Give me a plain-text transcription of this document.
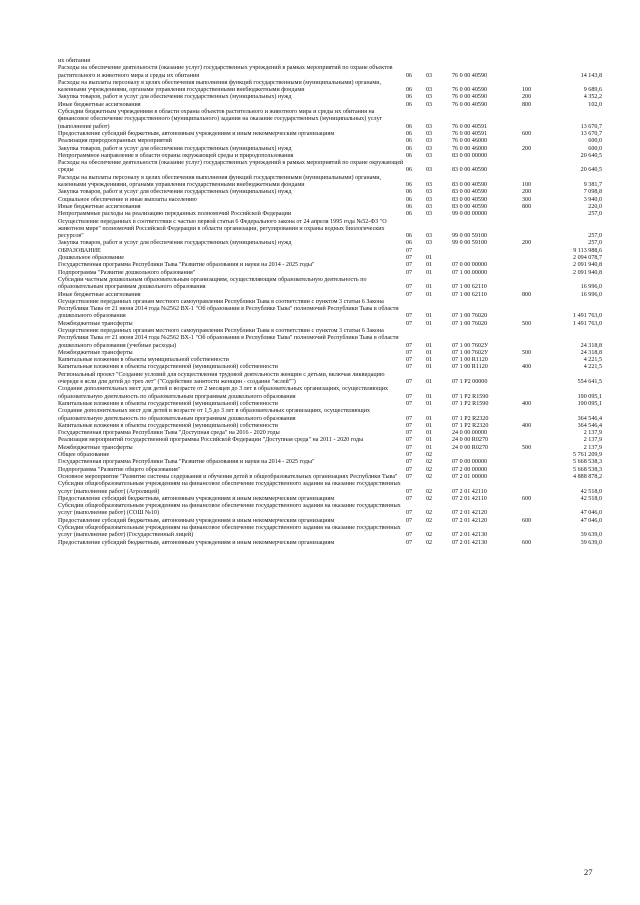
их обитания					
Расходы на обеспечение деятельности (оказание услуг) государственных учреждений в рамках мероприятий по охране объектов растительного и животного мира и среды их обитания	06	03	76 0 00 40590		14 143,8
Расходы на выплаты персоналу в целях обеспечения выполнения функций государственными (муниципальными) органами, казенными учреждениями, органами управления государственными внебюджетными фондами	06	03	76 0 00 40590	100	9 689,6
Закупка товаров, работ и услуг для обеспечения государственных (муниципальных) нужд	06	03	76 0 00 40590	200	4 352,2
Иные бюджетные ассигнования	06	03	76 0 00 40590	800	102,0
Субсидии бюджетным учреждениям в области охраны объектов растительного и животного мира и среды их обитания на финансовое обеспечение государственного (муниципального) задания на оказание государственных (муниципальных) услуг (выполнение работ)	06	03	76 0 00 40591		13 670,7
Предоставление субсидий бюджетным, автономным учреждениям и иным некоммерческим организациям	06	03	76 0 00 40591	600	13 670,7
Реализация природоохранных мероприятий	06	03	76 0 00 46000		600,0
Закупка товаров, работ и услуг для обеспечения государственных (муниципальных) нужд	06	03	76 0 00 46000	200	600,0
Непрограммное направление в области охраны окружающей среды и природопользования	06	03	83 0 00 00000		20 640,5
Расходы на обеспечение деятельности (оказание услуг) государственных учреждений в рамках мероприятий по охране окружающей среды	06	03	83 0 00 40590		20 640,5
Расходы на выплаты персоналу в целях обеспечения выполнения функций государственными (муниципальными) органами, казенными учреждениями, органами управления государственными внебюджетными фондами	06	03	83 0 00 40590	100	9 381,7
Закупка товаров, работ и услуг для обеспечения государственных (муниципальных) нужд	06	03	83 0 00 40590	200	7 098,8
Социальное обеспечение и иные выплаты населению	06	03	83 0 00 40590	300	3 940,0
Иные бюджетные ассигнования	06	03	83 0 00 40590	800	220,0
Непрограммные расходы на реализацию переданных полномочий Российской Федерации	06	03	99 0 00 00000		257,0
Осуществление переданных в соответствии с частью первой статьи 6 Федерального закона от 24 апреля 1995 года №52-ФЗ "О животном мире" полномочий Российской Федерации в области организации, регулирования и охраны водных биологических ресурсов"	06	03	99 0 00 59100		257,0
Закупка товаров, работ и услуг для обеспечения государственных (муниципальных) нужд	06	03	99 0 00 59100	200	257,0
ОБРАЗОВАНИЕ	07				9 113 988,6
Дошкольное образование	07	01			2 094 078,7
Государственная программа Республики Тыва "Развитие образования и науки на 2014 - 2025 годы"	07	01	07 0 00 00000		2 091 940,8
Подпрограмма "Развитие дошкольного образования"	07	01	07 1 00 00000		2 091 940,8
Субсидии частным дошкольным образовательным организациям, осуществляющим образовательную деятельность по образовательным программам дошкольного образования	07	01	07 1 00 62110		16 996,0
Иные бюджетные ассигнования	07	01	07 1 00 62110	800	16 996,0
Осуществление переданных органам местного самоуправления Республики Тыва в соответствии с пунктом 3 статьи 6 Закона Республики Тыва от 21 июня 2014 года №2562 ВХ-1 "Об образовании в Республике Тыва" полномочий Республики Тыва в области дошкольного образования	07	01	07 1 00 76020		1 491 763,0
Межбюджетные трансферты	07	01	07 1 00 76020	500	1 491 763,0
Осуществление переданных органам местного самоуправления Республики Тыва в соответствии с пунктом 3 статьи 6 Закона Республики Тыва от 21 июня 2014 года №2562 ВХ-1 "Об образовании в Республике Тыва" полномочий Республики Тыва в области дошкольного образования (учебные расходы)	07	01	07 1 00 7602У		24 318,8
Межбюджетные трансферты	07	01	07 1 00 7602У	500	24 318,8
Капитальные вложения в объекты муниципальной собственности	07	01	07 1 00 R1120		4 221,5
Капитальные вложения в объекты государственной (муниципальной) собственности	07	01	07 1 00 R1120	400	4 221,5
Региональный проект "Создание условий для осуществления трудовой деятельности женщин с детьми, включая ликвидацию очереди в ясли для детей до трех лет" ("Содействие занятости женщин - создание "яслей"")	07	01	07 1 P2 00000		554 641,5
Создание дополнительных мест для детей в возрасте от 2 месяцев до 3 лет в образовательных организациях, осуществляющих образовательную деятельность по образовательным программам дошкольного образования	07	01	07 1 P2 R1590		190 095,1
Капитальные вложения в объекты государственной (муниципальной) собственности	07	01	07 1 P2 R1590	400	190 095,1
Создание дополнительных мест для детей в возрасте от 1,5 до 3 лет в образовательных организациях, осуществляющих образовательную деятельность по образовательным программам дошкольного образования	07	01	07 1 P2 R2320		364 546,4
Капитальные вложения в объекты государственной (муниципальной) собственности	07	01	07 1 P2 R2320	400	364 546,4
Государственная программа Республики Тыва "Доступная среда" на 2016 - 2020 годы	07	01	24 0 00 00000		2 137,9
Реализация мероприятий государственной программы Российской Федерации "Доступная среда" на 2011 - 2020 годы	07	01	24 0 00 R0270		2 137,9
Межбюджетные трансферты	07	01	24 0 00 R0270	500	2 137,9
Общее образование	07	02			5 761 209,9
Государственная программа Республики Тыва "Развитие образования и науки на 2014 - 2025 годы"	07	02	07 0 00 00000		5 668 538,3
Подпрограмма "Развитие общего образования"	07	02	07 2 00 00000		5 668 538,3
Основное мероприятие "Развитие системы содержания и обучения детей в общеобразовательных организациях Республики Тыва"	07	02	07 2 01 00000		4 888 878,2
Субсидии общеобразовательным учреждениям на финансовое обеспечение государственного задания на оказание государственных услуг (выполнение работ) (Агролицей)	07	02	07 2 01 42110		42 518,0
Предоставление субсидий бюджетным, автономным учреждениям и иным некоммерческим организациям	07	02	07 2 01 42110	600	42 518,0
Субсидии общеобразовательным учреждениям на финансовое обеспечение государственного задания на оказание государственных услуг (выполнение работ) (СОШ №10)	07	02	07 2 01 42120		47 046,0
Предоставление субсидий бюджетным, автономным учреждениям и иным некоммерческим организациям	07	02	07 2 01 42120	600	47 046,0
Субсидии общеобразовательным учреждениям на финансовое обеспечение государственного задания на оказание государственных услуг (выполнение работ) (Государственный лицей)	07	02	07 2 01 42130		39 639,0
Предоставление субсидий бюджетным, автономным учреждениям и иным некоммерческим организациям	07	02	07 2 01 42130	600	39 639,0
27
